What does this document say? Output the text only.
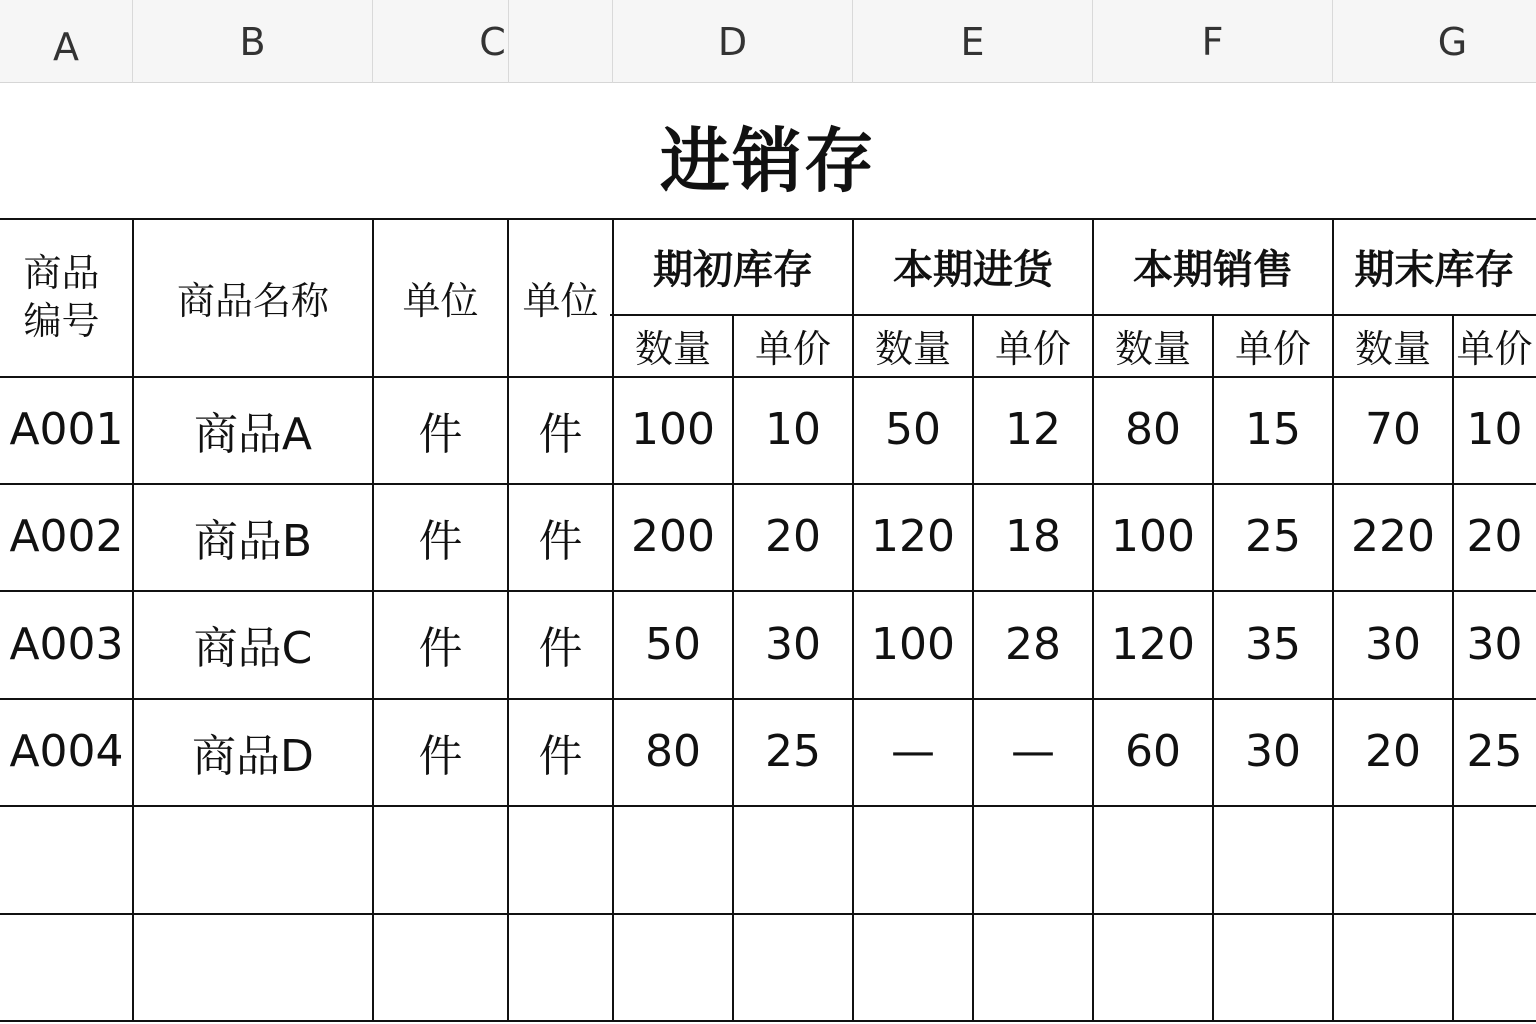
A	B	C	D	E	F	G
进销存
商品编号	商品名称	单位	单位
期初库存	本期进货	本期销售	期末库存
数量	单价	数量	单价	数量	单价	数量 单价
A001	商品A	件	件	100	10	50	12	80	15	70	10
A002	商品B	件	件	200	20	120	18	100	25	220 20
A003	商品C	件	件	50	30	100	28	120	35	30	30
A004	商品D	件	件	80	25	—	—	60	30	20	25
